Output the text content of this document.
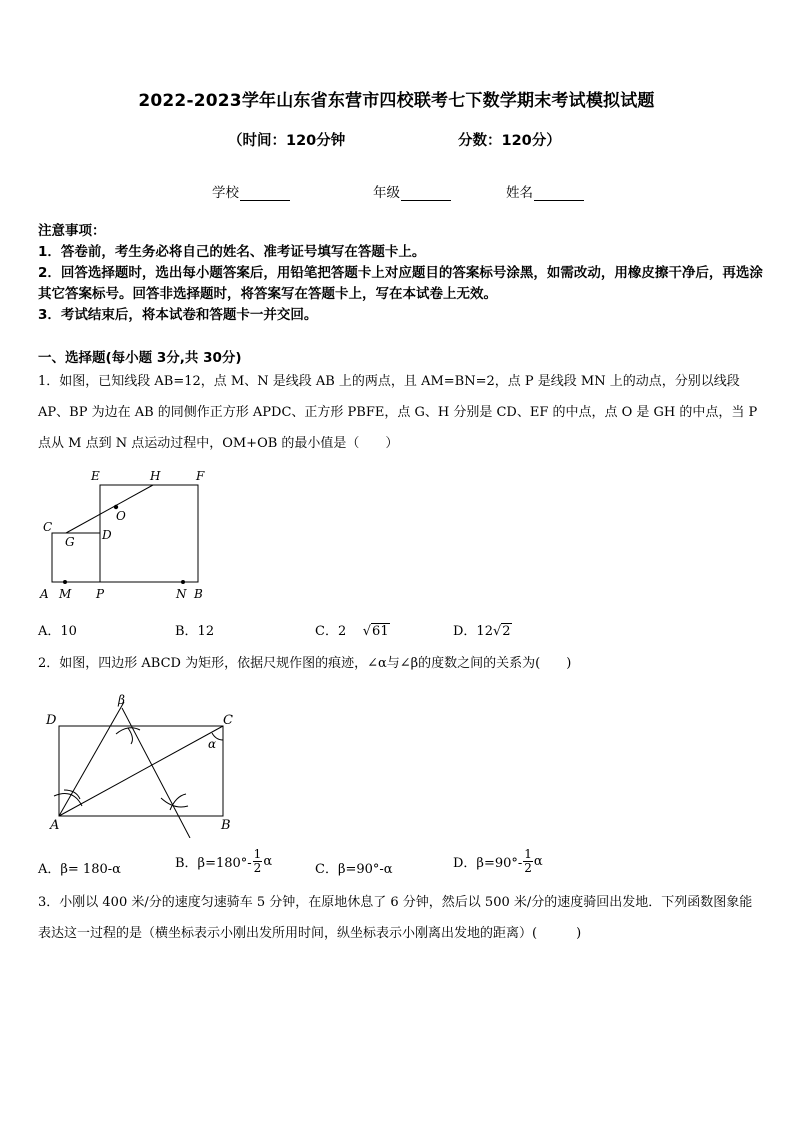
2022-2023学年山东省东营市四校联考七下数学期末考试模拟试题
（时间：120分钟	分数：120分）
学校	年级	姓名
注意事项：
1．答卷前，考生务必将自己的姓名、准考证号填写在答题卡上。
2．回答选择题时，选出每小题答案后，用铅笔把答题卡上对应题目的答案标号涂黑，如需改动，用橡皮擦干净后，再选涂其它答案标号。回答非选择题时，将答案写在答题卡上，写在本试卷上无效。
3．考试结束后，将本试卷和答题卡一并交回。
一、选择题(每小题 3分,共 30分)
1．如图，已知线段 AB=12，点 M、N 是线段 AB 上的两点，且 AM=BN=2，点 P 是线段 MN 上的动点，分别以线段 AP、BP 为边在 AB 的同侧作正方形 APDC、正方形 PBFE，点 G、H 分别是 CD、EF 的中点，点 O 是 GH 的中点，当 P 点从 M 点到 N 点运动过程中，OM+OB 的最小值是（　　）
E	H	F
O
C
G D
A M P	N B
A．10	B．12	C．2    √61	D．12√2
2．如图，四边形 ABCD 为矩形，依据尺规作图的痕迹，∠α与∠β的度数之间的关系为(　　)
D	C
A	B
α
β
A．β= 180-α	B．$\beta=180^\circ- \frac{1}{2}$ α
C．β=90°-α	D．$\beta=90^\circ- \frac{1}{2}$ α
3．小刚以 400 米/分的速度匀速骑车 5 分钟，在原地休息了 6 分钟，然后以 500 米/分的速度骑回出发地．下列函数图象能表达这一过程的是（横坐标表示小刚出发所用时间，纵坐标表示小刚离出发地的距离）(　　　)
